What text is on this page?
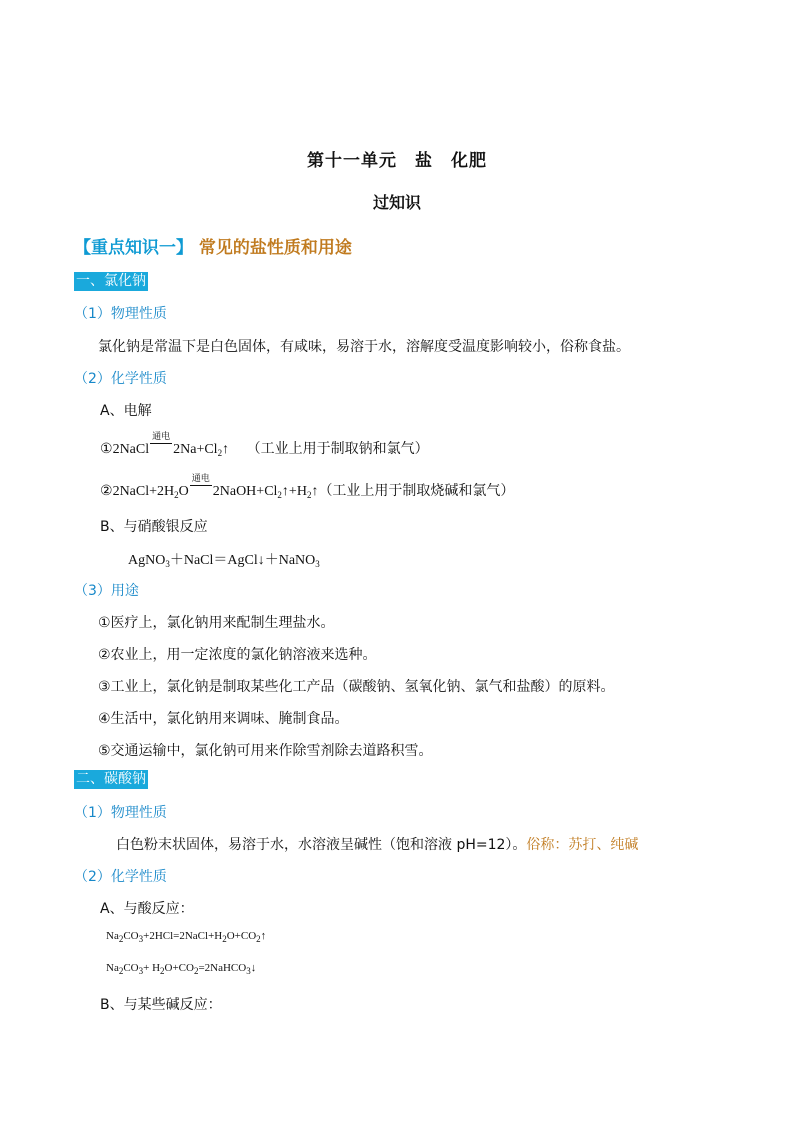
第十一单元　盐　化肥
过知识
【重点知识一】 常见的盐性质和用途
一、氯化钠
（1）物理性质
氯化钠是常温下是白色固体，有咸味，易溶于水，溶解度受温度影响较小，俗称食盐。
（2）化学性质
A、电解
①2NaCl
通电
$2Na+Cl_2↑$ （工业上用于制取钠和氯气）
$②2NaCl+2H_2O$
通电
$2NaOH+Cl_2↑+H_2↑$（工业上用于制取烧碱和氯气）
B、与硝酸银反应
AgNO$_3$＋NaCl＝AgCl↓＋NaNO$_3$
（3）用途
①医疗上，氯化钠用来配制生理盐水。
②农业上，用一定浓度的氯化钠溶液来选种。
③工业上，氯化钠是制取某些化工产品（碳酸钠、氢氧化钠、氯气和盐酸）的原料。
④生活中，氯化钠用来调味、腌制食品。
⑤交通运输中，氯化钠可用来作除雪剂除去道路积雪。
二、碳酸钠
（1）物理性质
白色粉末状固体，易溶于水，水溶液呈碱性（饱和溶液 pH=12）。俗称：苏打、纯碱
（2）化学性质
A、与酸反应：
$Na_2CO_3+2HCl=2NaCl+H_2O+CO_2↑$
$Na_2CO_3+$ $H_2O+CO_2=2NaHCO_3↓$
B、与某些碱反应：
